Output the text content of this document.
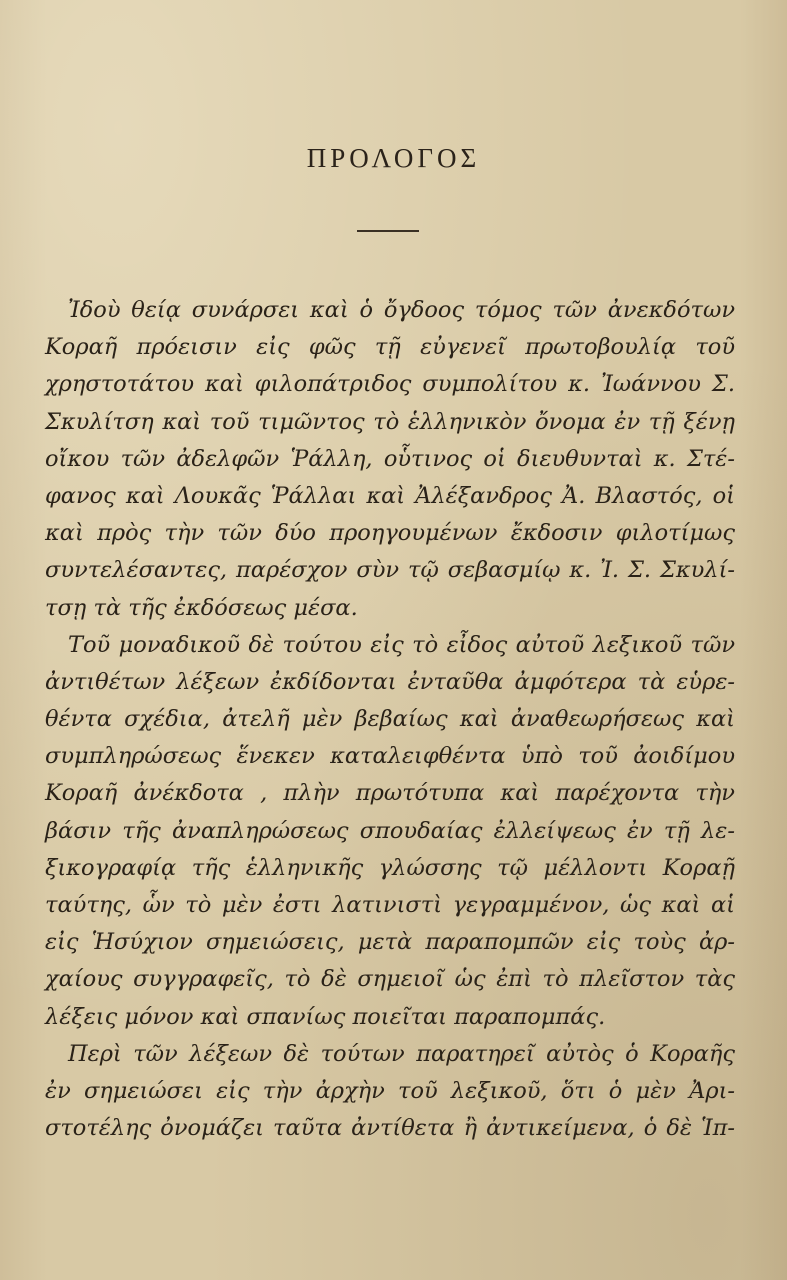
ΠΡΟΛΟΓΟΣ
Ἰδοὺ θείᾳ συνάρσει καὶ ὁ ὄγδοος τόμος τῶν ἀνεκδότων
Κοραῆ πρόεισιν εἰς φῶς τῇ εὐγενεῖ πρωτοβουλίᾳ τοῦ
χρηστοτάτου καὶ φιλοπάτριδος συμπολίτου κ. Ἰωάννου Σ.
Σκυλίτση καὶ τοῦ τιμῶντος τὸ ἑλληνικὸν ὄνομα ἐν τῇ ξένῃ
οἴκου τῶν ἀδελφῶν Ῥάλλη, οὗτινος οἱ διευθυνταὶ κ. Στέ-
φανος καὶ Λουκᾶς Ῥάλλαι καὶ Ἀλέξανδρος Ἀ. Βλαστός, οἱ
καὶ πρὸς τὴν τῶν δύο προηγουμένων ἔκδοσιν φιλοτίμως
συντελέσαντες, παρέσχον σὺν τῷ σεβασμίῳ κ. Ἰ. Σ. Σκυλί-
τσῃ τὰ τῆς ἐκδόσεως μέσα.
Τοῦ μοναδικοῦ δὲ τούτου εἰς τὸ εἶδος αὐτοῦ λεξικοῦ τῶν
ἀντιθέτων λέξεων ἐκδίδονται ἐνταῦθα ἀμφότερα τὰ εὑρε-
θέντα σχέδια, ἀτελῆ μὲν βεβαίως καὶ ἀναθεωρήσεως καὶ
συμπληρώσεως ἕνεκεν καταλειφθέντα ὑπὸ τοῦ ἀοιδίμου
Κοραῆ ἀνέκδοτα , πλὴν πρωτότυπα καὶ παρέχοντα τὴν
βάσιν τῆς ἀναπληρώσεως σπουδαίας ἐλλείψεως ἐν τῇ λε-
ξικογραφίᾳ τῆς ἑλληνικῆς γλώσσης τῷ μέλλοντι Κοραῇ
ταύτης, ὧν τὸ μὲν ἐστι λατινιστὶ γεγραμμένον, ὡς καὶ αἱ
εἰς Ἡσύχιον σημειώσεις, μετὰ παραπομπῶν εἰς τοὺς ἀρ-
χαίους συγγραφεῖς, τὸ δὲ σημειοῖ ὡς ἐπὶ τὸ πλεῖστον τὰς
λέξεις μόνον καὶ σπανίως ποιεῖται παραπομπάς.
Περὶ τῶν λέξεων δὲ τούτων παρατηρεῖ αὐτὸς ὁ Κοραῆς
ἐν σημειώσει εἰς τὴν ἀρχὴν τοῦ λεξικοῦ, ὅτι ὁ μὲν Ἀρι-
στοτέλης ὀνομάζει ταῦτα ἀντίθετα ἢ ἀντικείμενα, ὁ δὲ Ἱπ-
